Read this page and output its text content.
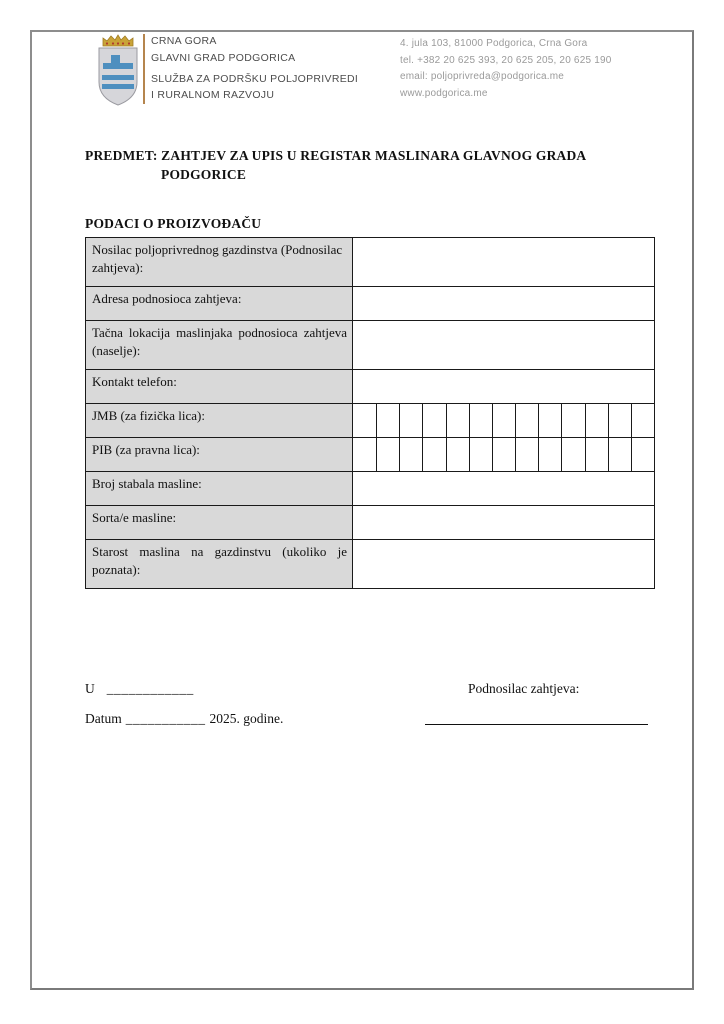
CRNA GORA
GLAVNI GRAD PODGORICA
SLUŽBA ZA PODRŠKU POLJOPRIVREDI
I RURALNOM RAZVOJU
4. jula 103, 81000 Podgorica, Crna Gora
tel. +382 20 625 393, 20 625 205, 20 625 190
email: poljoprivreda@podgorica.me
www.podgorica.me
PREDMET: ZAHTJEV ZA UPIS U REGISTAR MASLINARA GLAVNOG GRADA
PODGORICE
PODACI O PROIZVOĐAČU
Nosilac poljoprivrednog gazdinstva (Podnosilac zahtjeva):
Adresa podnosioca zahtjeva:
Tačna lokacija maslinjaka podnosioca zahtjeva (naselje):
Kontakt telefon:
JMB (za fizička lica):
PIB (za pravna lica):
Broj stabala masline:
Sorta/e masline:
Starost maslina na gazdinstvu (ukoliko je poznata):
U ____________	Podnosilac zahtjeva:
Datum ___________ 2025. godine.
